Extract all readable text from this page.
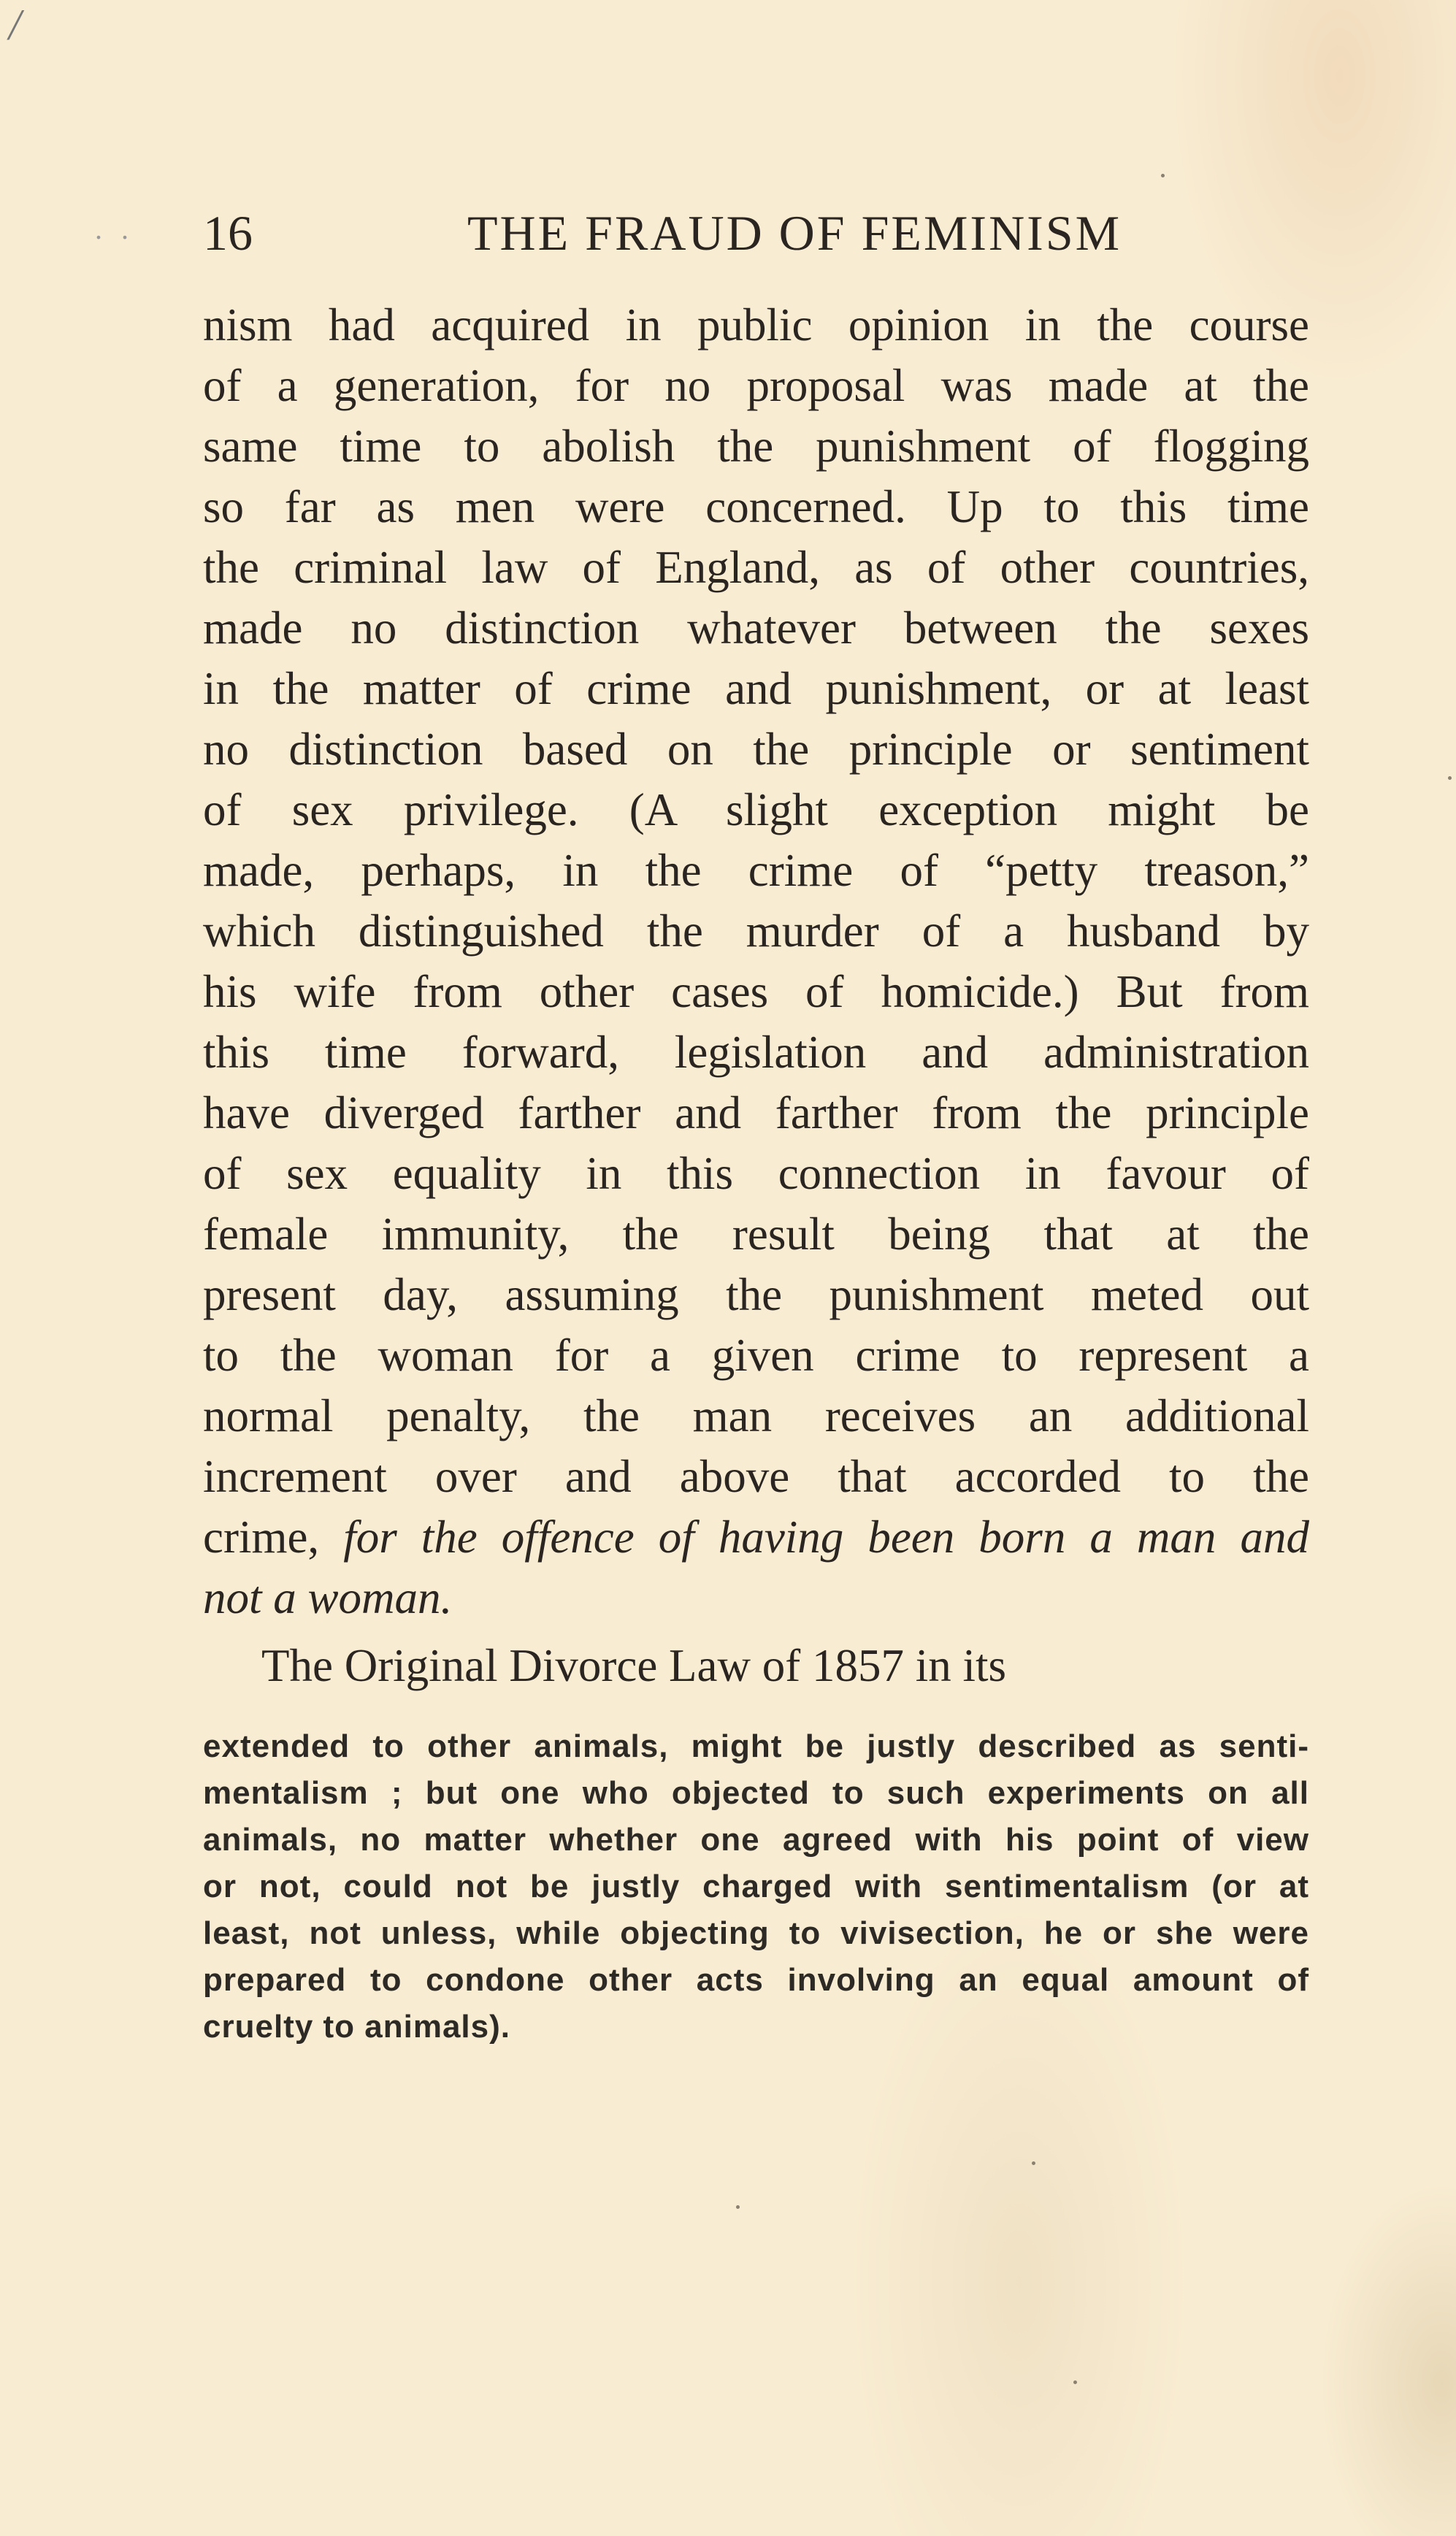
/
. . 16	THE FRAUD OF FEMINISM
nism had acquired in public opinion in the course
of a generation, for no proposal was made at the
same time to abolish the punishment of flogging
so far as men were concerned. Up to this time
the criminal law of England, as of other countries,
made no distinction whatever between the sexes
in the matter of crime and punishment, or at least
no distinction based on the principle or sentiment
of sex privilege. (A slight exception might be
made, perhaps, in the crime of “petty treason,”
which distinguished the murder of a husband by
his wife from other cases of homicide.) But from
this time forward, legislation and administration
have diverged farther and farther from the principle
of sex equality in this connection in favour of
female immunity, the result being that at the
present day, assuming the punishment meted out
to the woman for a given crime to represent a
normal penalty, the man receives an additional
increment over and above that accorded to the
crime, for the offence of having been born a man and
not a woman.
The Original Divorce Law of 1857 in its
extended to other animals, might be justly described as senti-
mentalism ; but one who objected to such experiments on all
animals, no matter whether one agreed with his point of view
or not, could not be justly charged with sentimentalism (or at
least, not unless, while objecting to vivisection, he or she were
prepared to condone other acts involving an equal amount of
cruelty to animals).
